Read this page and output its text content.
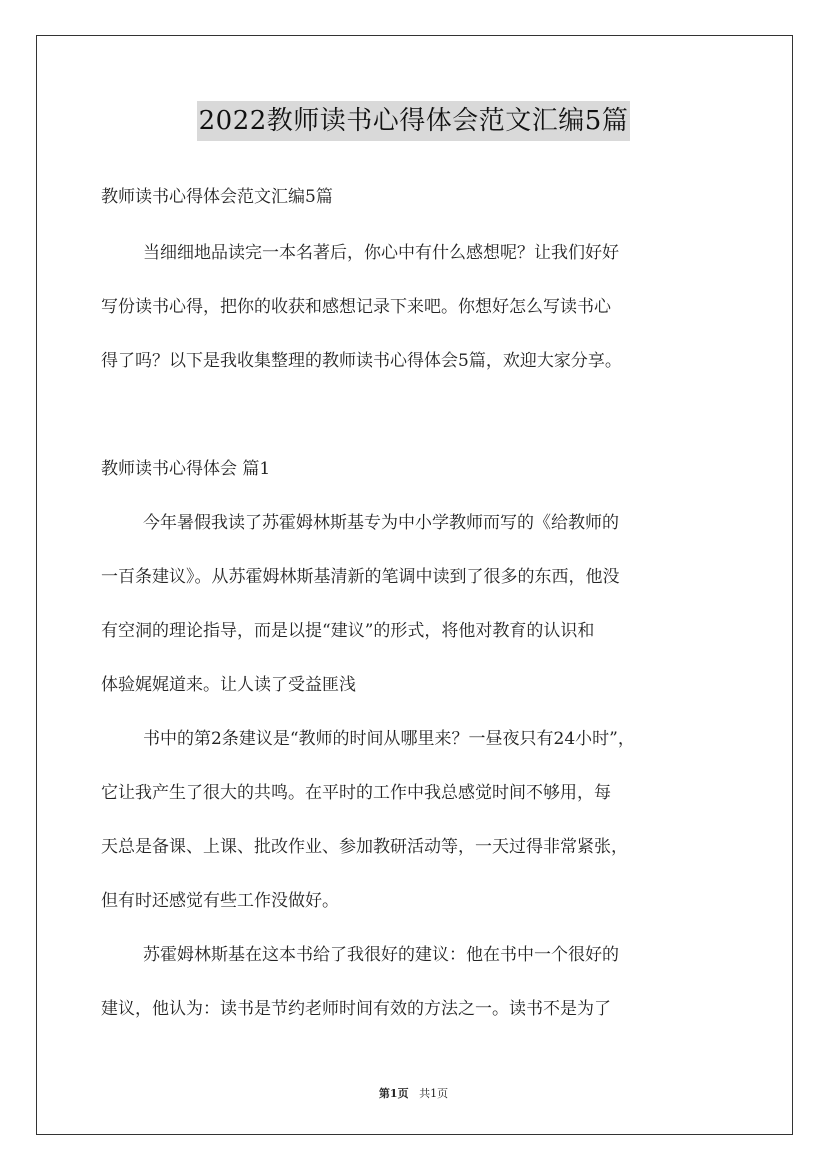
2022教师读书心得体会范文汇编5篇
教师读书心得体会范文汇编5篇
当细细地品读完一本名著后，你心中有什么感想呢？让我们好好
写份读书心得，把你的收获和感想记录下来吧。你想好怎么写读书心
得了吗？以下是我收集整理的教师读书心得体会5篇，欢迎大家分享。
教师读书心得体会 篇1
今年暑假我读了苏霍姆林斯基专为中小学教师而写的《给教师的
一百条建议》。从苏霍姆林斯基清新的笔调中读到了很多的东西，他没
有空洞的理论指导，而是以提“建议”的形式，将他对教育的认识和
体验娓娓道来。让人读了受益匪浅
书中的第2条建议是“教师的时间从哪里来？一昼夜只有24小时”，
它让我产生了很大的共鸣。在平时的工作中我总感觉时间不够用，每
天总是备课、上课、批改作业、参加教研活动等，一天过得非常紧张，
但有时还感觉有些工作没做好。
苏霍姆林斯基在这本书给了我很好的建议：他在书中一个很好的
建议，他认为：读书是节约老师时间有效的方法之一。读书不是为了
第1页 共1页
